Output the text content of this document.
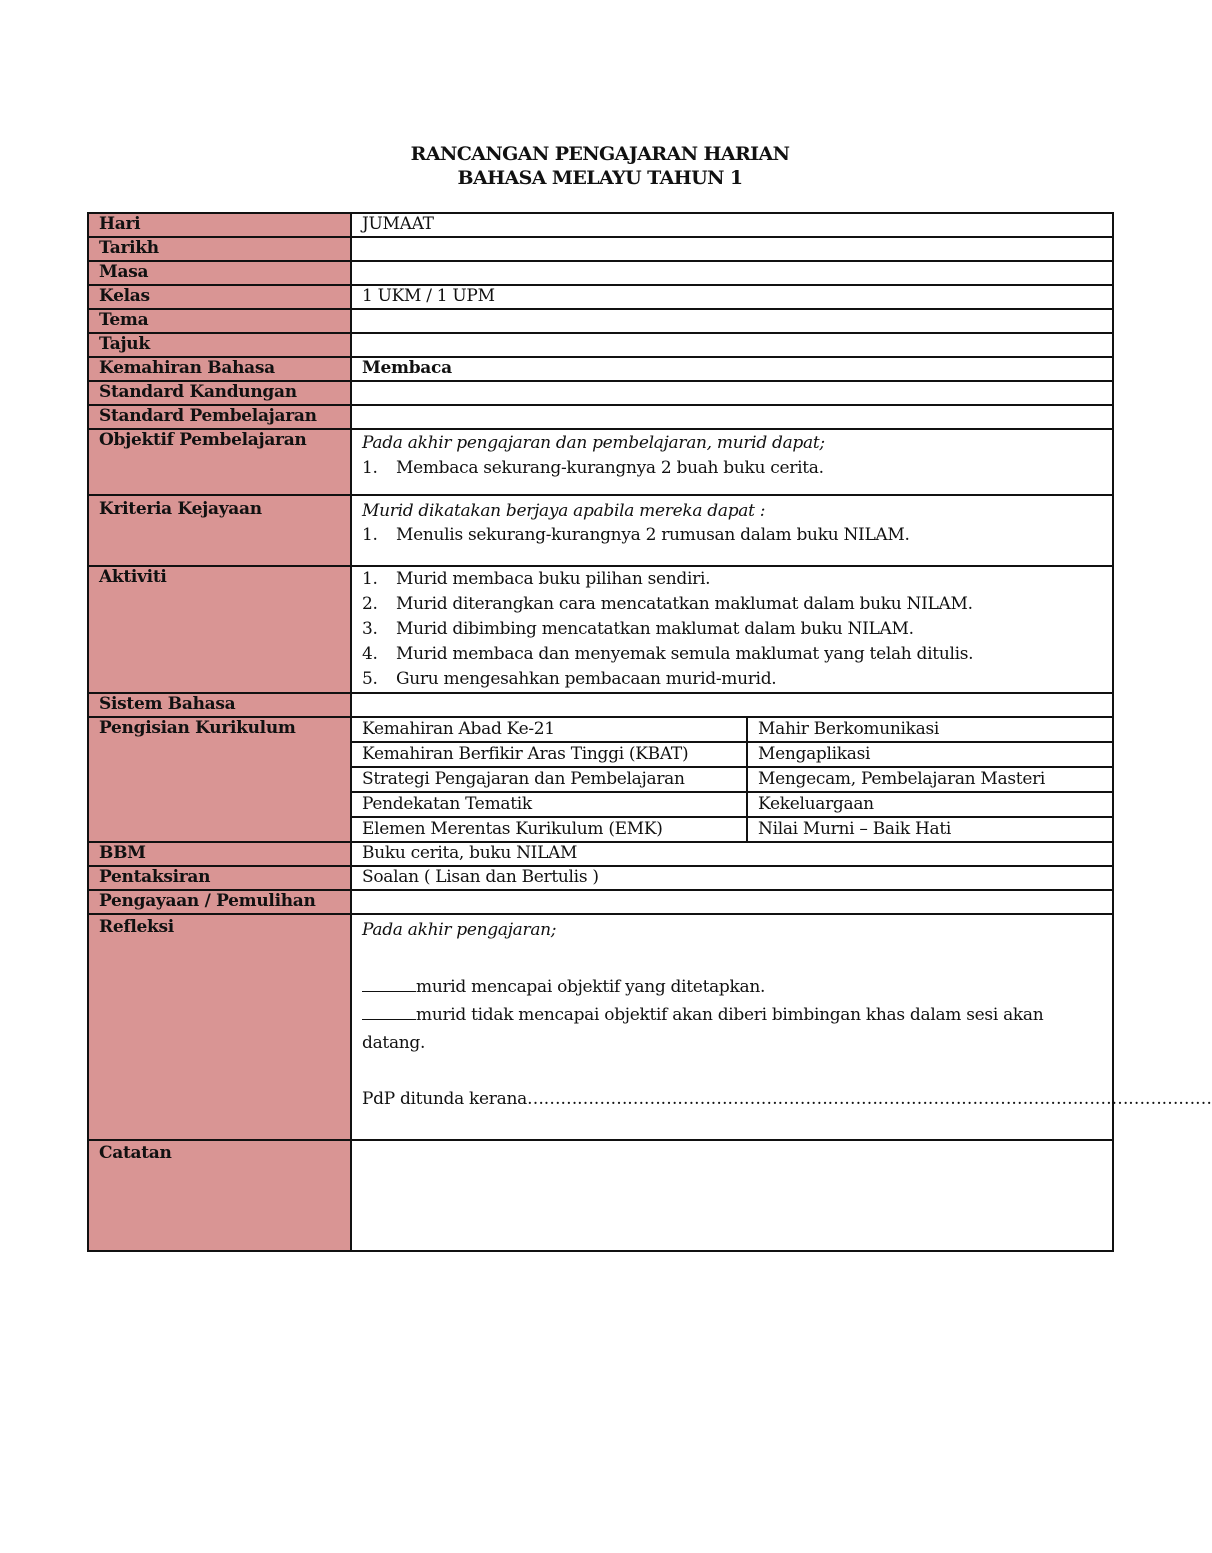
RANCANGAN PENGAJARAN HARIAN
BAHASA MELAYU TAHUN 1
Hari	JUMAAT
Tarikh	
Masa	
Kelas	1 UKM / 1 UPM
Tema	
Tajuk	
Kemahiran Bahasa	Membaca
Standard Kandungan	
Standard Pembelajaran	
Objektif Pembelajaran	Pada akhir pengajaran dan pembelajaran, murid dapat;
1. Membaca sekurang-kurangnya 2 buah buku cerita.

Kriteria Kejayaan	Murid dikatakan berjaya apabila mereka dapat :
1. Menulis sekurang-kurangnya 2 rumusan dalam buku NILAM.

Aktiviti	1. Murid membaca buku pilihan sendiri.
2. Murid diterangkan cara mencatatkan maklumat dalam buku NILAM.
3. Murid dibimbing mencatatkan maklumat dalam buku NILAM.
4. Murid membaca dan menyemak semula maklumat yang telah ditulis.
5. Guru mengesahkan pembacaan murid-murid.

Sistem Bahasa	
Pengisian Kurikulum		Kemahiran Abad Ke-21	Mahir Berkomunikasi
Kemahiran Berfikir Aras Tinggi (KBAT)	Mengaplikasi
Strategi Pengajaran dan Pembelajaran	Mengecam, Pembelajaran Masteri
Pendekatan Tematik	Kekeluargaan
Elemen Merentas Kurikulum (EMK)	Nilai Murni – Baik Hati

BBM	Buku cerita, buku NILAM
Pentaksiran	Soalan ( Lisan dan Bertulis )
Pengayaan / Pemulihan	
Refleksi	Pada akhir pengajaran;
murid mencapai objektif yang ditetapkan.
murid tidak mencapai objektif akan diberi bimbingan khas dalam sesi akan datang.
PdP ditunda kerana……………………………………………………………………………………………………………

Catatan	
